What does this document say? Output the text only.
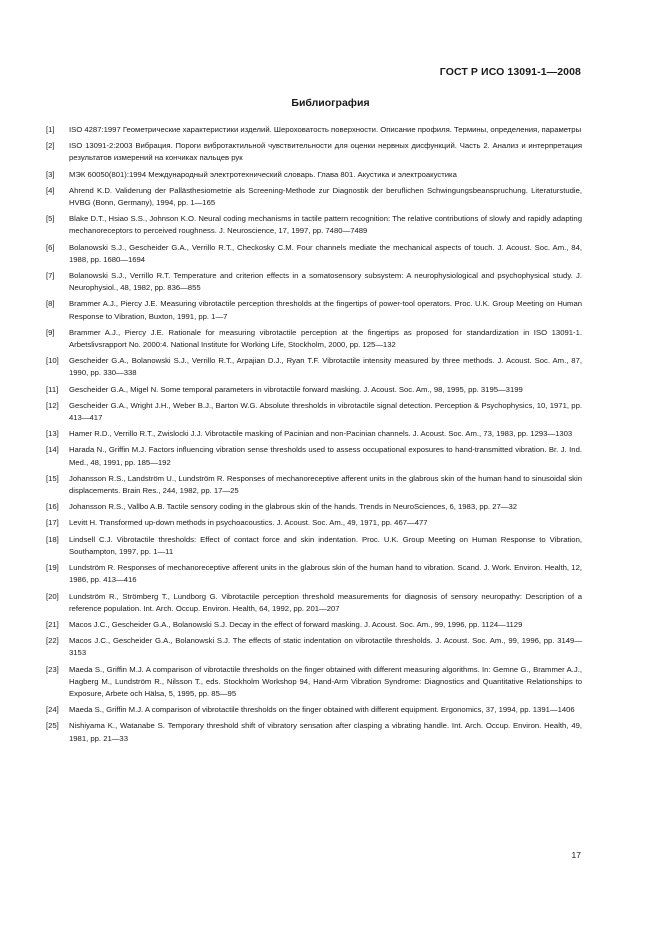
ГОСТ Р ИСО 13091-1—2008
Библиография
[1]	ISO 4287:1997 Геометрические характеристики изделий. Шероховатость поверхности. Описание профиля. Термины, определения, параметры
[2]	ISO 13091-2:2003 Вибрация. Пороги вибротактильной чувствительности для оценки нервных дисфункций. Часть 2. Анализ и интерпретация результатов измерений на кончиках пальцев рук
[3]	МЭК 60050(801):1994 Международный электротехнический словарь. Глава 801. Акустика и электроакустика
[4]	Ahrend K.D. Validerung der Pallästhesiometrie als Screening-Methode zur Diagnostik der beruflichen Schwingungsbeanspruchung. Literaturstudie, HVBG (Bonn, Germany), 1994, pp. 1—165
[5]	Blake D.T., Hsiao S.S., Johnson K.O. Neural coding mechanisms in tactile pattern recognition: The relative contributions of slowly and rapidly adapting mechanoreceptors to perceived roughness. J. Neuroscience, 17, 1997, pp. 7480—7489
[6]	Bolanowski S.J., Gescheider G.A., Verrillo R.T., Checkosky C.M. Four channels mediate the mechanical aspects of touch. J. Acoust. Soc. Am., 84, 1988, pp. 1680—1694
[7]	Bolanowski S.J., Verrillo R.T. Temperature and criterion effects in a somatosensory subsystem: A neurophysiological and psychophysical study. J. Neurophysiol., 48, 1982, pp. 836—855
[8]	Brammer A.J., Piercy J.E. Measuring vibrotactile perception thresholds at the fingertips of power-tool operators. Proc. U.K. Group Meeting on Human Response to Vibration, Buxton, 1991, pp. 1—7
[9]	Brammer A.J., Piercy J.E. Rationale for measuring vibrotactile perception at the fingertips as proposed for standardization in ISO 13091-1. Arbetslivsrapport No. 2000:4. National Institute for Working Life, Stockholm, 2000, pp. 125—132
[10]	Gescheider G.A., Bolanowski S.J., Verrillo R.T., Arpajian D.J., Ryan T.F. Vibrotactile intensity measured by three methods. J. Acoust. Soc. Am., 87, 1990, pp. 330—338
[11]	Gescheider G.A., Migel N. Some temporal parameters in vibrotactile forward masking. J. Acoust. Soc. Am., 98, 1995, pp. 3195—3199
[12]	Gescheider G.A., Wright J.H., Weber B.J., Barton W.G. Absolute thresholds in vibrotactile signal detection. Perception & Psychophysics, 10, 1971, pp. 413—417
[13]	Hamer R.D., Verrillo R.T., Zwislocki J.J. Vibrotactile masking of Pacinian and non-Pacinian channels. J. Acoust. Soc. Am., 73, 1983, pp. 1293—1303
[14]	Harada N., Griffin M.J. Factors influencing vibration sense thresholds used to assess occupational exposures to hand-transmitted vibration. Br. J. Ind. Med., 48, 1991, pp. 185—192
[15]	Johansson R.S., Landström U., Lundström R. Responses of mechanoreceptive afferent units in the glabrous skin of the human hand to sinusoidal skin displacements. Brain Res., 244, 1982, pp. 17—25
[16]	Johansson R.S., Vallbo A.B. Tactile sensory coding in the glabrous skin of the hands. Trends in NeuroSciences, 6, 1983, pp. 27—32
[17]	Levitt H. Transformed up-down methods in psychoacoustics. J. Acoust. Soc. Am., 49, 1971, pp. 467—477
[18]	Lindsell C.J. Vibrotactile thresholds: Effect of contact force and skin indentation. Proc. U.K. Group Meeting on Human Response to Vibration, Southampton, 1997, pp. 1—11
[19]	Lundström R. Responses of mechanoreceptive afferent units in the glabrous skin of the human hand to vibration. Scand. J. Work. Environ. Health, 12, 1986, pp. 413—416
[20]	Lundström R., Strömberg T., Lundborg G. Vibrotactile perception threshold measurements for diagnosis of sensory neuropathy: Description of a reference population. Int. Arch. Occup. Environ. Health, 64, 1992, pp. 201—207
[21]	Macos J.C., Gescheider G.A., Bolanowski S.J. Decay in the effect of forward masking. J. Acoust. Soc. Am., 99, 1996, pp. 1124—1129
[22]	Macos J.C., Gescheider G.A., Bolanowski S.J. The effects of static indentation on vibrotactile thresholds. J. Acoust. Soc. Am., 99, 1996, pp. 3149—3153
[23]	Maeda S., Griffin M.J. A comparison of vibrotactile thresholds on the finger obtained with different measuring algorithms. In: Gemne G., Brammer A.J., Hagberg M., Lundström R., Nilsson T., eds. Stockholm Workshop 94, Hand-Arm Vibration Syndrome: Diagnostics and Quantitative Relationships to Exposure, Arbete och Hälsa, 5, 1995, pp. 85—95
[24]	Maeda S., Griffin M.J. A comparison of vibrotactile thresholds on the finger obtained with different equipment. Ergonomics, 37, 1994, pp. 1391—1406
[25]	Nishiyama K., Watanabe S. Temporary threshold shift of vibratory sensation after clasping a vibrating handle. Int. Arch. Occup. Environ. Health, 49, 1981, pp. 21—33
17
